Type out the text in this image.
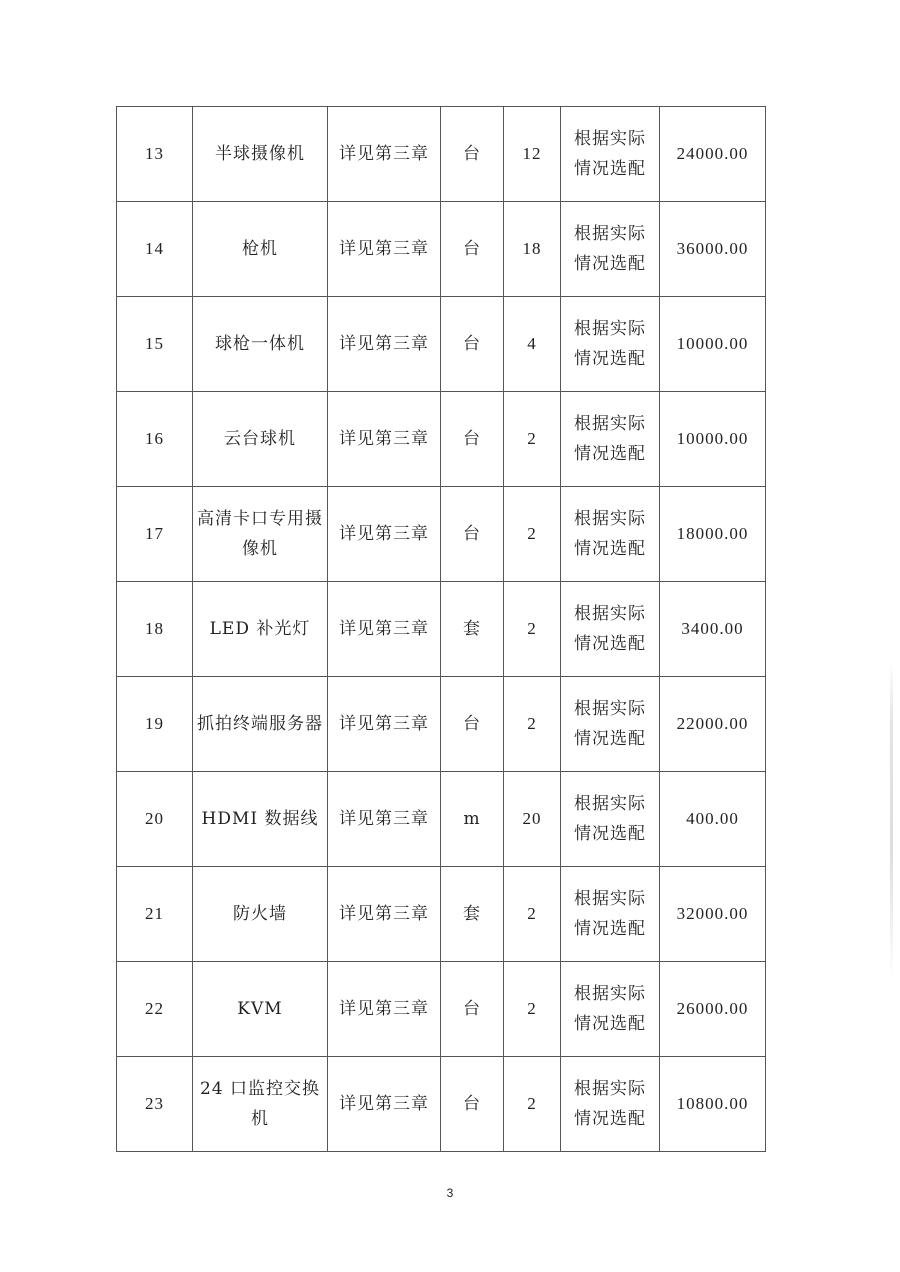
13	半球摄像机	详见第三章	台	12	根据实际情况选配	24000.00
14	枪机	详见第三章	台	18	根据实际情况选配	36000.00
15	球枪一体机	详见第三章	台	4	根据实际情况选配	10000.00
16	云台球机	详见第三章	台	2	根据实际情况选配	10000.00
17	高清卡口专用摄像机	详见第三章	台	2	根据实际情况选配	18000.00
18	LED 补光灯	详见第三章	套	2	根据实际情况选配	3400.00
19	抓拍终端服务器	详见第三章	台	2	根据实际情况选配	22000.00
20	HDMI 数据线	详见第三章	m	20	根据实际情况选配	400.00
21	防火墙	详见第三章	套	2	根据实际情况选配	32000.00
22	KVM	详见第三章	台	2	根据实际情况选配	26000.00
23	24 口监控交换机	详见第三章	台	2	根据实际情况选配	10800.00
3
